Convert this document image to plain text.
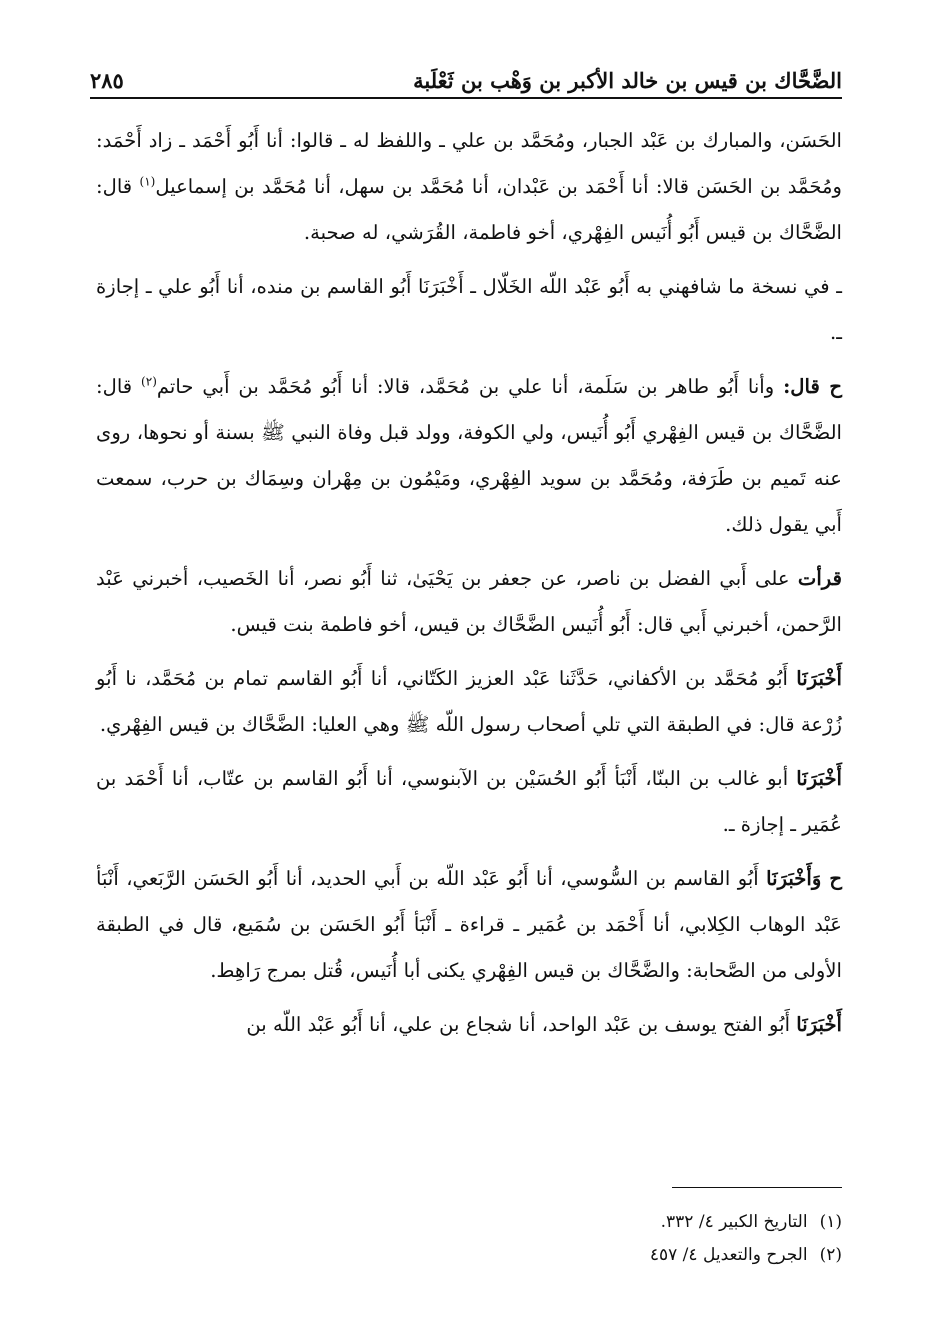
الضَّحَّاك بن قيس بن خالد الأكبر بن وَهْب بن ثَعْلَبة
٢٨٥

الحَسَن، والمبارك بن عَبْد الجبار، ومُحَمَّد بن علي ـ واللفظ له ـ قالوا: أنا أَبُو أَحْمَد ـ زاد أَحْمَد: ومُحَمَّد بن الحَسَن قالا: أنا أَحْمَد بن عَبْدان، أنا مُحَمَّد بن سهل، أنا مُحَمَّد بن إسماعيل$^{(١)}$ قال: الضَّحَّاك بن قيس أَبُو أُنَيس الفِهْري، أخو فاطمة، القُرَشي، له صحبة.

ـ في نسخة ما شافهني به أَبُو عَبْد اللّه الخَلّال ـ أَخْبَرَنَا أَبُو القاسم بن منده، أنا أَبُو علي ـ إجازة ـ.

ح قال: وأنا أَبُو طاهر بن سَلَمة، أنا علي بن مُحَمَّد، قالا: أنا أَبُو مُحَمَّد بن أَبي حاتم$^{(٢)}$ قال: الضَّحَّاك بن قيس الفِهْري أَبُو أُنَيس، ولي الكوفة، وولد قبل وفاة النبي ﷺ بسنة أو نحوها، روى عنه تَميم بن طَرَفة، ومُحَمَّد بن سويد الفِهْري، ومَيْمُون بن مِهْران وسِمَاك بن حرب، سمعت أَبي يقول ذلك.

قرأت على أَبي الفضل بن ناصر، عن جعفر بن يَحْيَىٰ، ثنا أَبُو نصر، أنا الخَصيب، أخبرني عَبْد الرَّحمن، أخبرني أَبي قال: أَبُو أُنَيس الضَّحَّاك بن قيس، أخو فاطمة بنت قيس.

أَخْبَرَنَا أَبُو مُحَمَّد بن الأكفاني، حَدَّثَنا عَبْد العزيز الكَتّاني، أنا أَبُو القاسم تمام بن مُحَمَّد، نا أَبُو زُرْعة قال: في الطبقة التي تلي أصحاب رسول اللّه ﷺ وهي العليا: الضَّحَّاك بن قيس الفِهْري.

أَخْبَرَنَا أبو غالب بن البنّا، أَنْبَأ أَبُو الحُسَيْن بن الآبنوسي، أنا أَبُو القاسم بن عتّاب، أنا أَحْمَد بن عُمَير ـ إجازة ـ.

ح وَأَخْبَرَنَا أَبُو القاسم بن السُّوسي، أنا أَبُو عَبْد اللّه بن أَبي الحديد، أنا أَبُو الحَسَن الرَّبَعي، أَنْبَأ عَبْد الوهاب الكِلابي، أنا أَحْمَد بن عُمَير ـ قراءة ـ أَنْبَأ أَبُو الحَسَن بن سُمَيع، قال في الطبقة الأولى من الصَّحابة: والضَّحَّاك بن قيس الفِهْري يكنى أبا أُنَيس، قُتل بمرج رَاهِط.

أَخْبَرَنَا أَبُو الفتح يوسف بن عَبْد الواحد، أنا شجاع بن علي، أنا أَبُو عَبْد اللّه بن

(١)
التاريخ الكبير ٤/ ٣٣٢.
(٢)
الجرح والتعديل ٤/ ٤٥٧
